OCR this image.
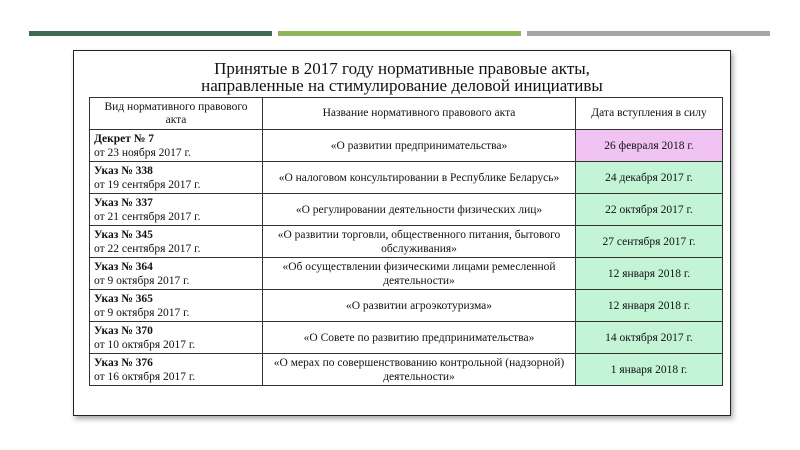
Принятые в 2017 году нормативные правовые акты,
направленные на стимулирование деловой инициативы
Вид нормативного правового акта	Название нормативного правового акта	Дата вступления в силу

Декрет № 7
от 23 ноября 2017 г.	«О развитии предпринимательства»	26 февраля 2018 г.

Указ № 338
от 19 сентября 2017 г.	«О налоговом консультировании в Республике Беларусь»	24 декабря 2017 г.

Указ № 337
от 21 сентября 2017 г.	«О регулировании деятельности физических лиц»	22 октября 2017 г.

Указ № 345
от 22 сентября 2017 г.	«О развитии торговли, общественного питания, бытового обслуживания»	27 сентября 2017 г.

Указ № 364
от 9 октября 2017 г.	«Об осуществлении физическими лицами ремесленной деятельности»	12 января 2018 г.

Указ № 365
от 9 октября 2017 г.	«О развитии агроэкотуризма»	12 января 2018 г.

Указ № 370
от 10 октября 2017 г.	«О Совете по развитию предпринимательства»	14 октября 2017 г.

Указ № 376
от 16 октября 2017 г.	«О мерах по совершенствованию контрольной (надзорной) деятельности»	1 января 2018 г.
